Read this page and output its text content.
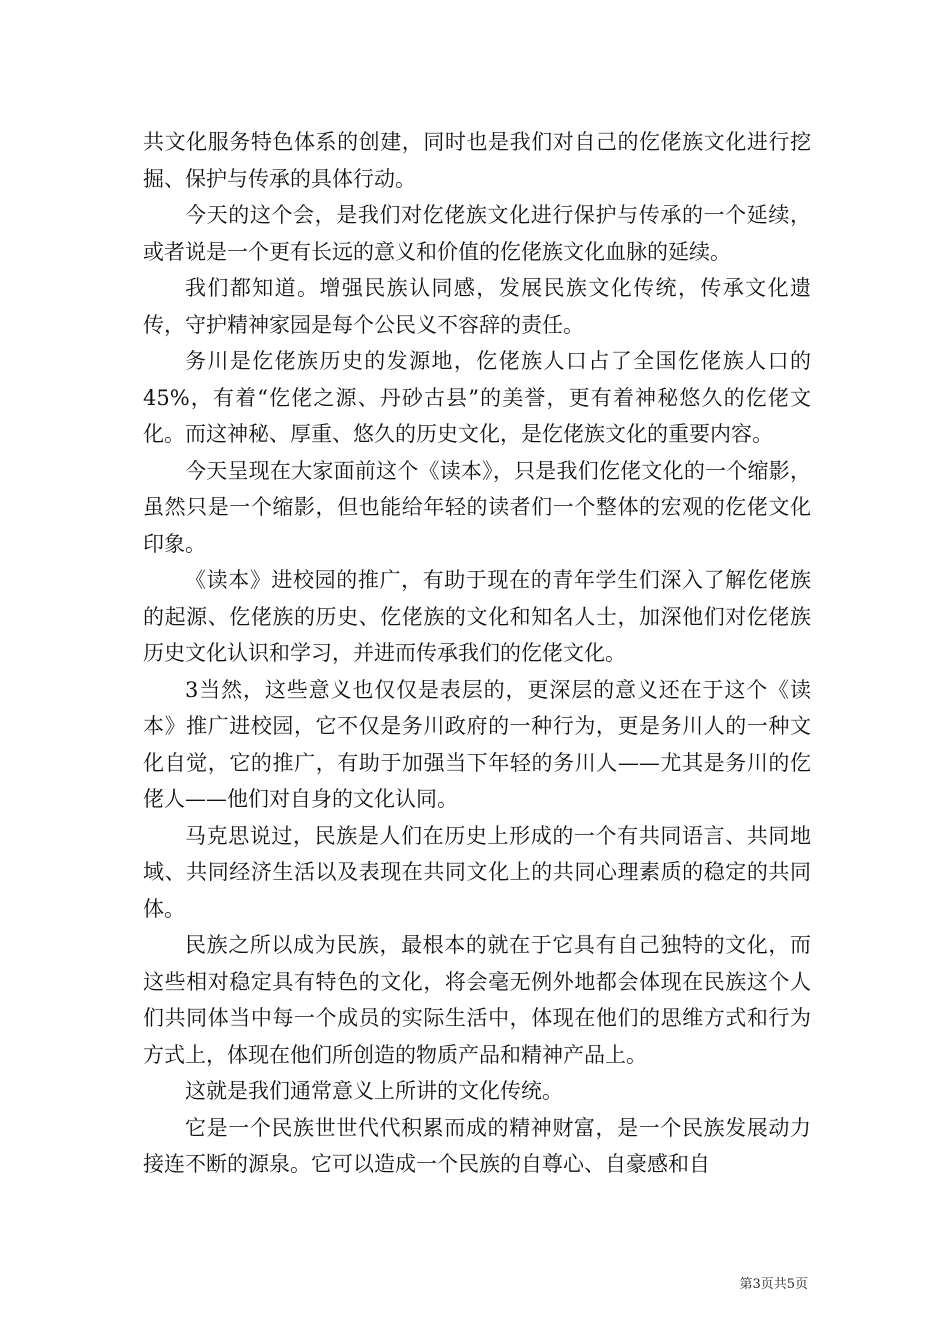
共文化服务特色体系的创建，同时也是我们对自己的仡佬族文化进行挖掘、保护与传承的具体行动。

今天的这个会，是我们对仡佬族文化进行保护与传承的一个延续，或者说是一个更有长远的意义和价值的仡佬族文化血脉的延续。

我们都知道。增强民族认同感，发展民族文化传统，传承文化遗传，守护精神家园是每个公民义不容辞的责任。

务川是仡佬族历史的发源地，仡佬族人口占了全国仡佬族人口的45%，有着“仡佬之源、丹砂古县”的美誉，更有着神秘悠久的仡佬文化。而这神秘、厚重、悠久的历史文化，是仡佬族文化的重要内容。

今天呈现在大家面前这个《读本》，只是我们仡佬文化的一个缩影，虽然只是一个缩影，但也能给年轻的读者们一个整体的宏观的仡佬文化印象。

《读本》进校园的推广，有助于现在的青年学生们深入了解仡佬族的起源、仡佬族的历史、仡佬族的文化和知名人士，加深他们对仡佬族历史文化认识和学习，并进而传承我们的仡佬文化。

3当然，这些意义也仅仅是表层的，更深层的意义还在于这个《读本》推广进校园，它不仅是务川政府的一种行为，更是务川人的一种文化自觉，它的推广，有助于加强当下年轻的务川人——尤其是务川的仡佬人——他们对自身的文化认同。

马克思说过，民族是人们在历史上形成的一个有共同语言、共同地域、共同经济生活以及表现在共同文化上的共同心理素质的稳定的共同体。

民族之所以成为民族，最根本的就在于它具有自己独特的文化，而这些相对稳定具有特色的文化，将会毫无例外地都会体现在民族这个人们共同体当中每一个成员的实际生活中，体现在他们的思维方式和行为方式上，体现在他们所创造的物质产品和精神产品上。

这就是我们通常意义上所讲的文化传统。

它是一个民族世世代代积累而成的精神财富，是一个民族发展动力接连不断的源泉。它可以造成一个民族的自尊心、自豪感和自

第3页共5页
